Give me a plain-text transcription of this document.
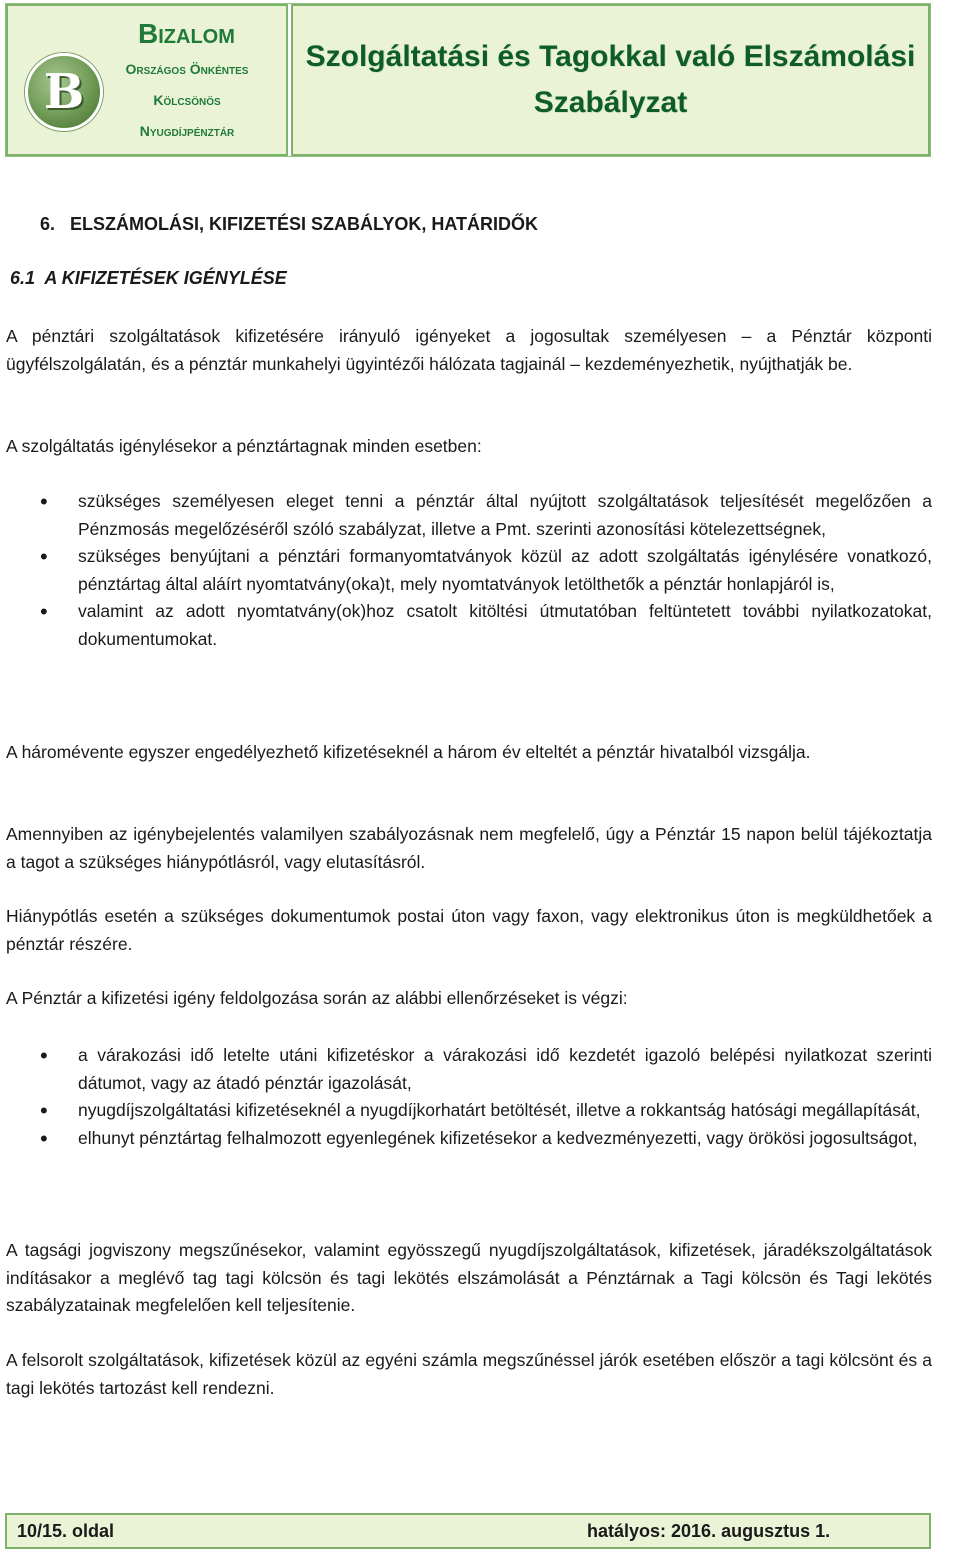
B
Bizalom
Országos Önkéntes
Kölcsönös
Nyugdíjpénztár
Szolgáltatási és Tagokkal való Elszámolási
Szabályzat
6.   ELSZÁMOLÁSI, KIFIZETÉSI SZABÁLYOK, HATÁRIDŐK
6.1  A KIFIZETÉSEK IGÉNYLÉSE

A pénztári szolgáltatások kifizetésére irányuló igényeket a jogosultak személyesen – a Pénztár központi ügyfélszolgálatán, és a pénztár munkahelyi ügyintézői hálózata tagjainál – kezdeményezhetik, nyújthatják be.

A szolgáltatás igénylésekor a pénztártagnak minden esetben:

• szükséges személyesen eleget tenni a pénztár által nyújtott szolgáltatások teljesítését megelőzően a Pénzmosás megelőzéséről szóló szabályzat, illetve a Pmt. szerinti azonosítási kötelezettségnek,
• szükséges benyújtani a pénztári formanyomtatványok közül az adott szolgáltatás igénylésére vonatkozó, pénztártag által aláírt nyomtatvány(oka)t, mely nyomtatványok letölthetők a pénztár honlapjáról is,
• valamint az adott nyomtatvány(ok)hoz csatolt kitöltési útmutatóban feltüntetett további nyilatkozatokat, dokumentumokat.

A háromévente egyszer engedélyezhető kifizetéseknél a három év elteltét a pénztár hivatalból vizsgálja.

Amennyiben az igénybejelentés valamilyen szabályozásnak nem megfelelő, úgy a Pénztár 15 napon belül tájékoztatja a tagot a szükséges hiánypótlásról, vagy elutasításról.

Hiánypótlás esetén a szükséges dokumentumok postai úton vagy faxon, vagy elektronikus úton is megküldhetőek a pénztár részére.

A Pénztár a kifizetési igény feldolgozása során az alábbi ellenőrzéseket is végzi:

• a várakozási idő letelte utáni kifizetéskor a várakozási idő kezdetét igazoló belépési nyilatkozat szerinti dátumot, vagy az átadó pénztár igazolását,
• nyugdíjszolgáltatási kifizetéseknél a nyugdíjkorhatárt betöltését, illetve a rokkantság hatósági megállapítását,
• elhunyt pénztártag felhalmozott egyenlegének kifizetésekor a kedvezményezetti, vagy örökösi jogosultságot,

A tagsági jogviszony megszűnésekor, valamint egyösszegű nyugdíjszolgáltatások, kifizetések, járadékszolgáltatások indításakor a meglévő tag tagi kölcsön és tagi lekötés elszámolását a Pénztárnak a Tagi kölcsön és Tagi lekötés szabályzatainak megfelelően kell teljesítenie.

A felsorolt szolgáltatások, kifizetések közül az egyéni számla megszűnéssel járók esetében először a tagi kölcsönt és a tagi lekötés tartozást kell rendezni.

10/15. oldal	hatályos: 2016. augusztus 1.
